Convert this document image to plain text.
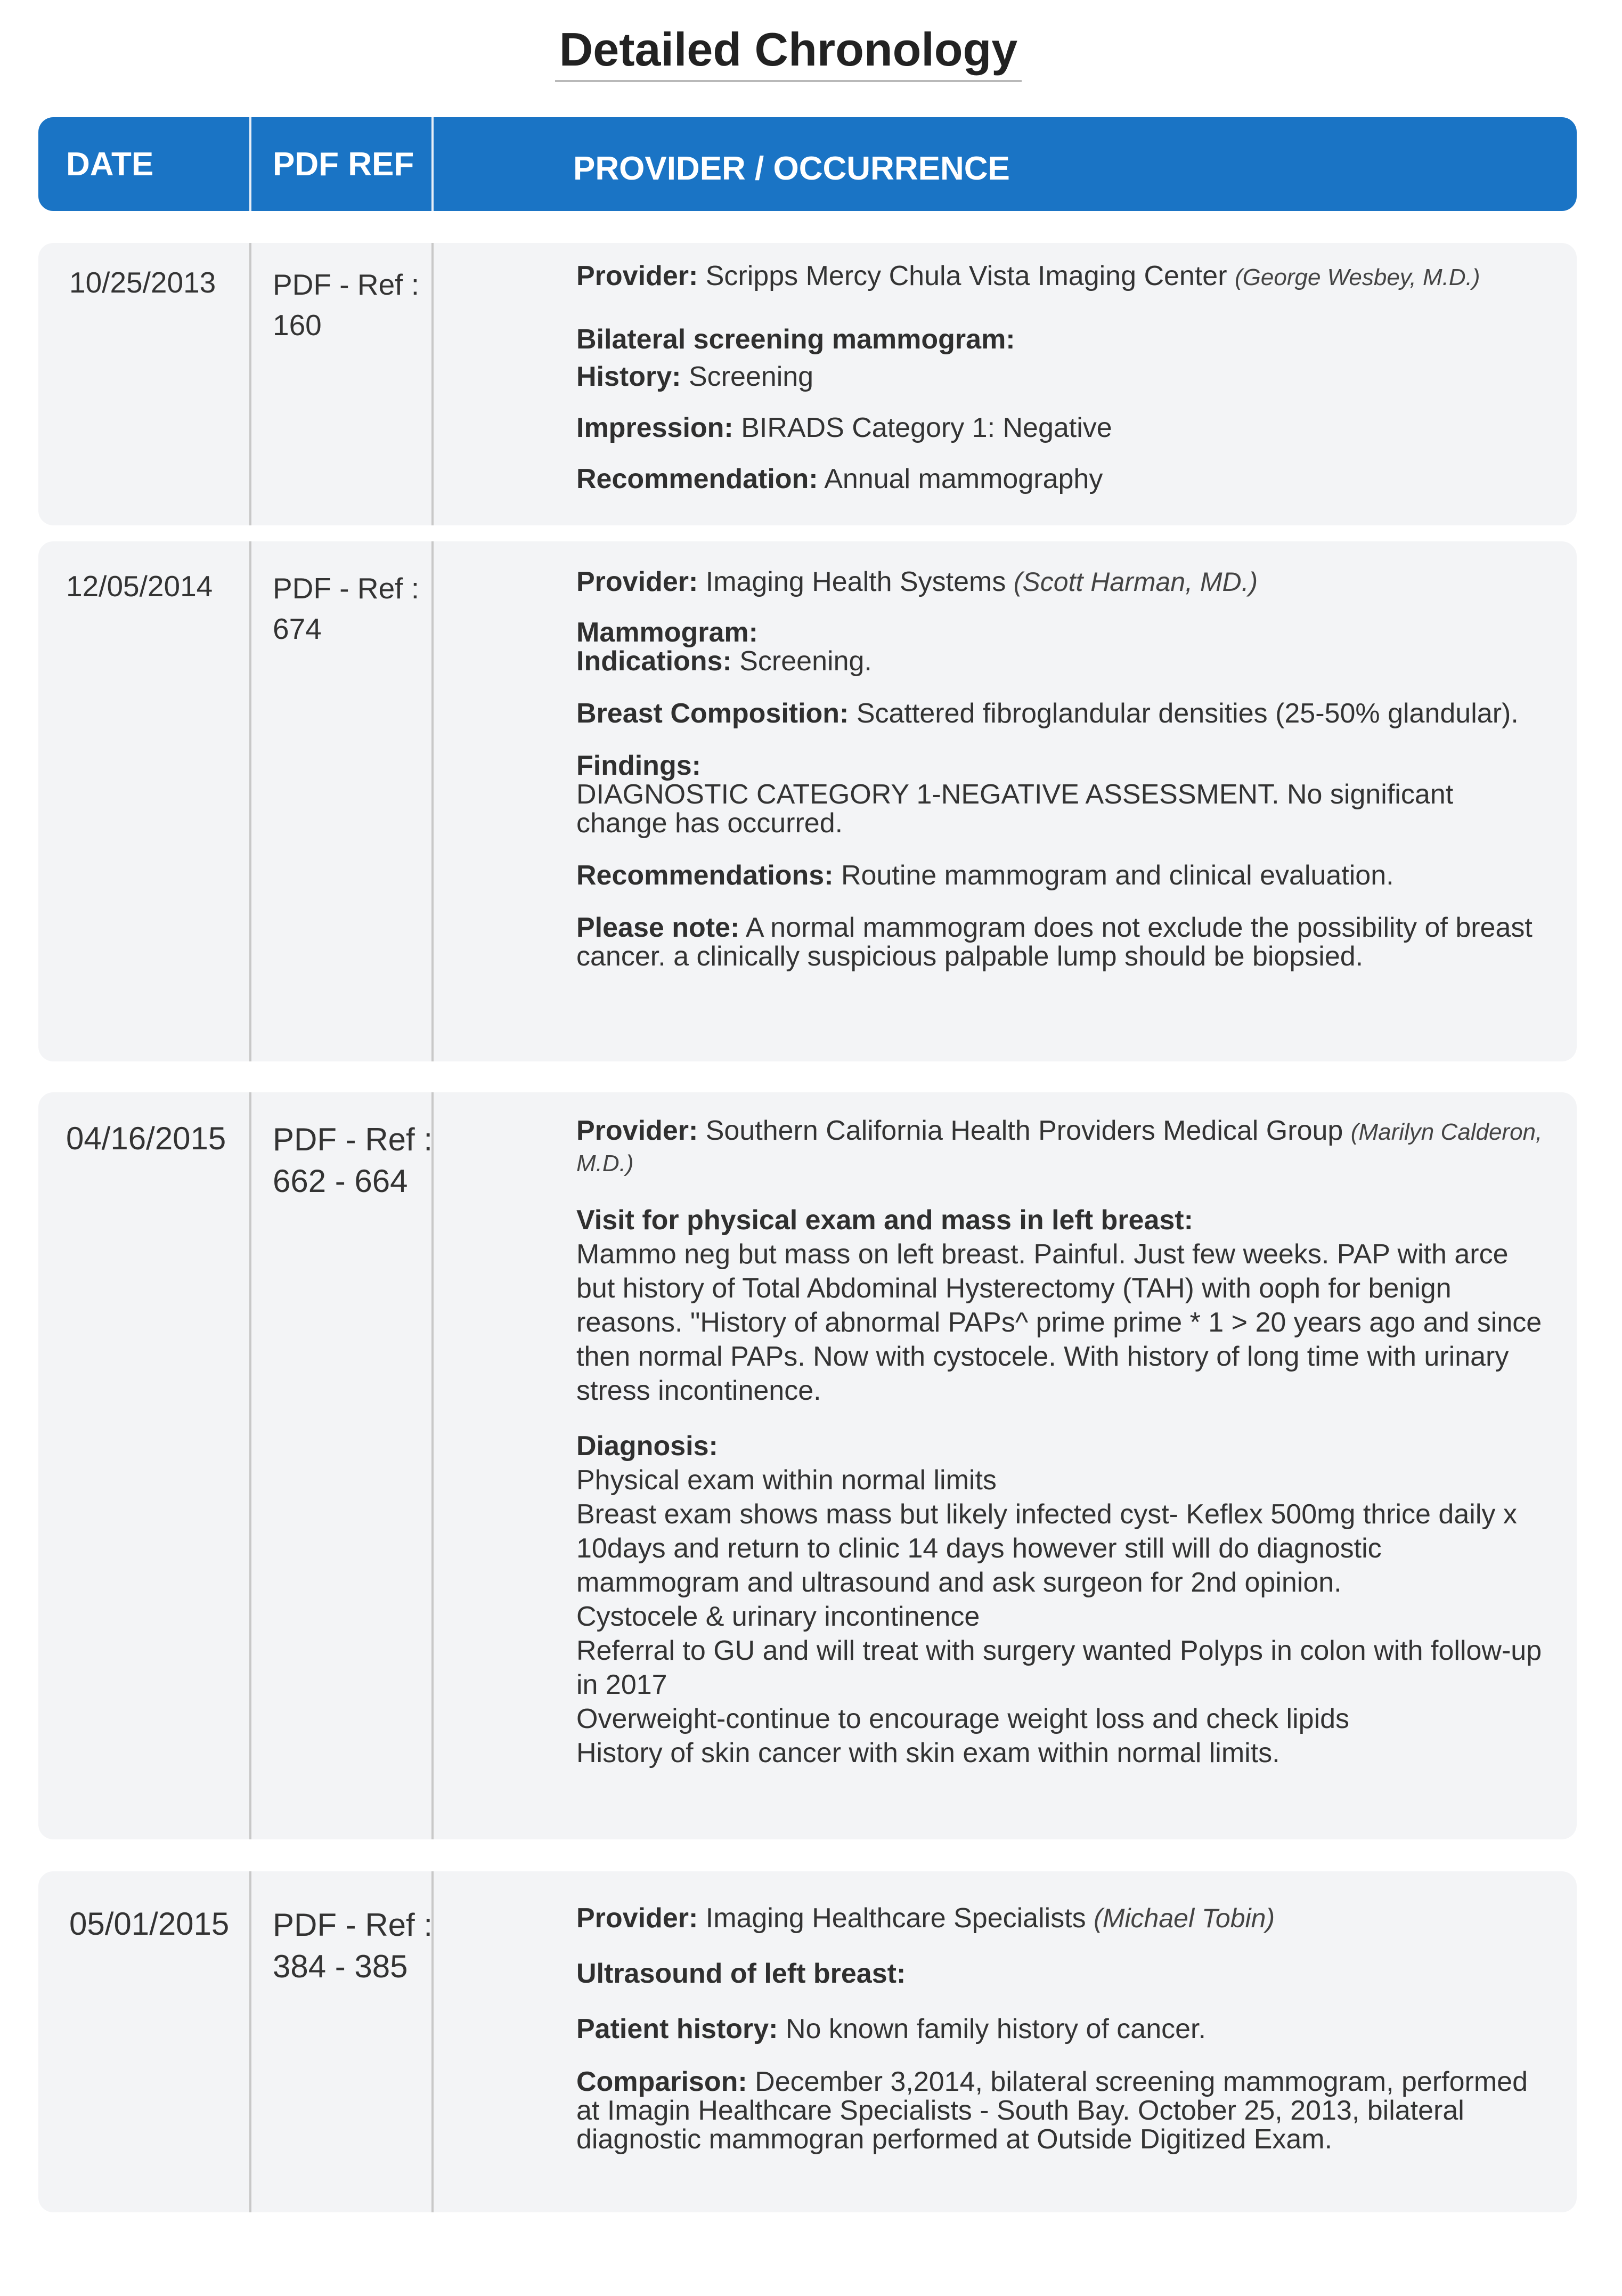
Detailed Chronology
DATE	PDF REF	PROVIDER / OCCURRENCE
10/25/2013 PDF - Ref :
160

Provider: Scripps Mercy Chula Vista Imaging Center (George Wesbey, M.D.)

Bilateral screening mammogram:

History: Screening

Impression: BIRADS Category 1: Negative

Recommendation: Annual mammography

12/05/2014 PDF - Ref :
674

Provider: Imaging Health Systems (Scott Harman, MD.)

Mammogram:

Indications: Screening.

Breast Composition: Scattered fibroglandular densities (25-50% glandular).

Findings:

DIAGNOSTIC CATEGORY 1-NEGATIVE ASSESSMENT. No significant change has occurred.

Recommendations: Routine mammogram and clinical evaluation.

Please note: A normal mammogram does not exclude the possibility of breast cancer. a clinically suspicious palpable lump should be biopsied.

04/16/2015 PDF - Ref :
662 - 664

Provider: Southern California Health Providers Medical Group (Marilyn Calderon, M.D.)

Visit for physical exam and mass in left breast:

Mammo neg but mass on left breast. Painful. Just few weeks. PAP with arce but history of Total Abdominal Hysterectomy (TAH) with ooph for benign reasons. "History of abnormal PAPs^ prime prime * 1 > 20 years ago and since then normal PAPs. Now with cystocele. With history of long time with urinary stress incontinence.

Diagnosis:

Physical exam within normal limits

Breast exam shows mass but likely infected cyst- Keflex 500mg thrice daily x 10days and return to clinic 14 days however still will do diagnostic mammogram and ultrasound and ask surgeon for 2nd opinion.

Cystocele & urinary incontinence

Referral to GU and will treat with surgery wanted Polyps in colon with follow-up in 2017

Overweight-continue to encourage weight loss and check lipids

History of skin cancer with skin exam within normal limits.

05/01/2015 PDF - Ref :
384 - 385

Provider: Imaging Healthcare Specialists (Michael Tobin)

Ultrasound of left breast:

Patient history: No known family history of cancer.

Comparison: December 3,2014, bilateral screening mammogram, performed at Imagin Healthcare Specialists - South Bay. October 25, 2013, bilateral diagnostic mammogran performed at Outside Digitized Exam.
